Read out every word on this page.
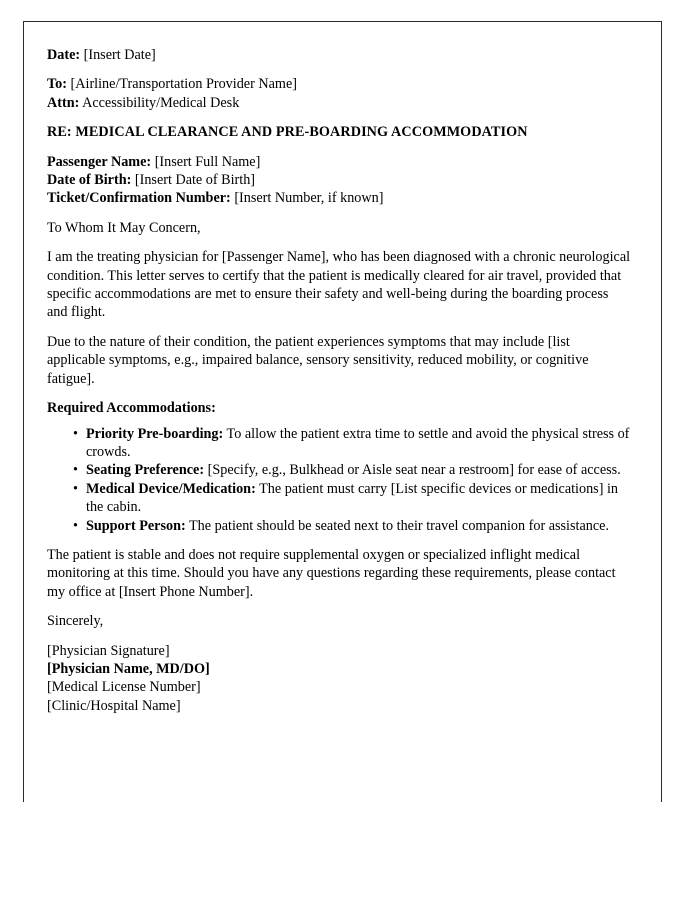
Date: [Insert Date]
To: [Airline/Transportation Provider Name]
Attn: Accessibility/Medical Desk
RE: MEDICAL CLEARANCE AND PRE-BOARDING ACCOMMODATION
Passenger Name: [Insert Full Name]
Date of Birth: [Insert Date of Birth]
Ticket/Confirmation Number: [Insert Number, if known]
To Whom It May Concern,
I am the treating physician for [Passenger Name], who has been diagnosed with a chronic neurological condition. This letter serves to certify that the patient is medically cleared for air travel, provided that specific accommodations are met to ensure their safety and well-being during the boarding process and flight.
Due to the nature of their condition, the patient experiences symptoms that may include [list applicable symptoms, e.g., impaired balance, sensory sensitivity, reduced mobility, or cognitive fatigue].
Required Accommodations:
• Priority Pre-boarding: To allow the patient extra time to settle and avoid the physical stress of crowds.
• Seating Preference: [Specify, e.g., Bulkhead or Aisle seat near a restroom] for ease of access.
• Medical Device/Medication: The patient must carry [List specific devices or medications] in the cabin.
• Support Person: The patient should be seated next to their travel companion for assistance.
The patient is stable and does not require supplemental oxygen or specialized inflight medical monitoring at this time. Should you have any questions regarding these requirements, please contact my office at [Insert Phone Number].
Sincerely,
[Physician Signature]
[Physician Name, MD/DO]
[Medical License Number]
[Clinic/Hospital Name]
